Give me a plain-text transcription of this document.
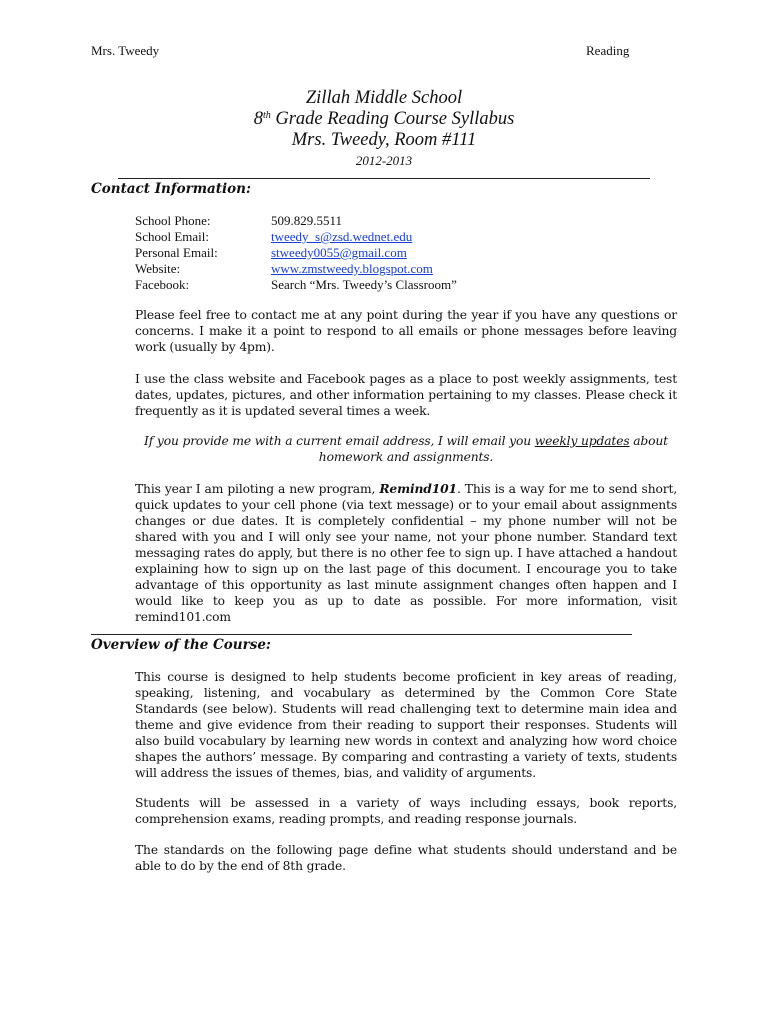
Mrs. Tweedy	Reading
Zillah Middle School
8th Grade Reading Course Syllabus
Mrs. Tweedy, Room #111
2012-2013
Contact Information:
School Phone:	509.829.5511
School Email:	tweedy_s@zsd.wednet.edu
Personal Email:	stweedy0055@gmail.com
Website:	www.zmstweedy.blogspot.com
Facebook:	Search “Mrs. Tweedy’s Classroom”
Please feel free to contact me at any point during the year if you have any questions or concerns. I make it a point to respond to all emails or phone messages before leaving work (usually by 4pm).
I use the class website and Facebook pages as a place to post weekly assignments, test dates, updates, pictures, and other information pertaining to my classes. Please check it frequently as it is updated several times a week.
If you provide me with a current email address, I will email you weekly updates about homework and assignments.
This year I am piloting a new program, Remind101. This is a way for me to send short, quick updates to your cell phone (via text message) or to your email about assignments changes or due dates. It is completely confidential – my phone number will not be shared with you and I will only see your name, not your phone number. Standard text messaging rates do apply, but there is no other fee to sign up. I have attached a handout explaining how to sign up on the last page of this document. I encourage you to take advantage of this opportunity as last minute assignment changes often happen and I would like to keep you as up to date as possible. For more information, visit remind101.com
Overview of the Course:
This course is designed to help students become proficient in key areas of reading, speaking, listening, and vocabulary as determined by the Common Core State Standards (see below). Students will read challenging text to determine main idea and theme and give evidence from their reading to support their responses. Students will also build vocabulary by learning new words in context and analyzing how word choice shapes the authors’ message. By comparing and contrasting a variety of texts, students will address the issues of themes, bias, and validity of arguments.
Students will be assessed in a variety of ways including essays, book reports, comprehension exams, reading prompts, and reading response journals.
The standards on the following page define what students should understand and be able to do by the end of 8th grade.
